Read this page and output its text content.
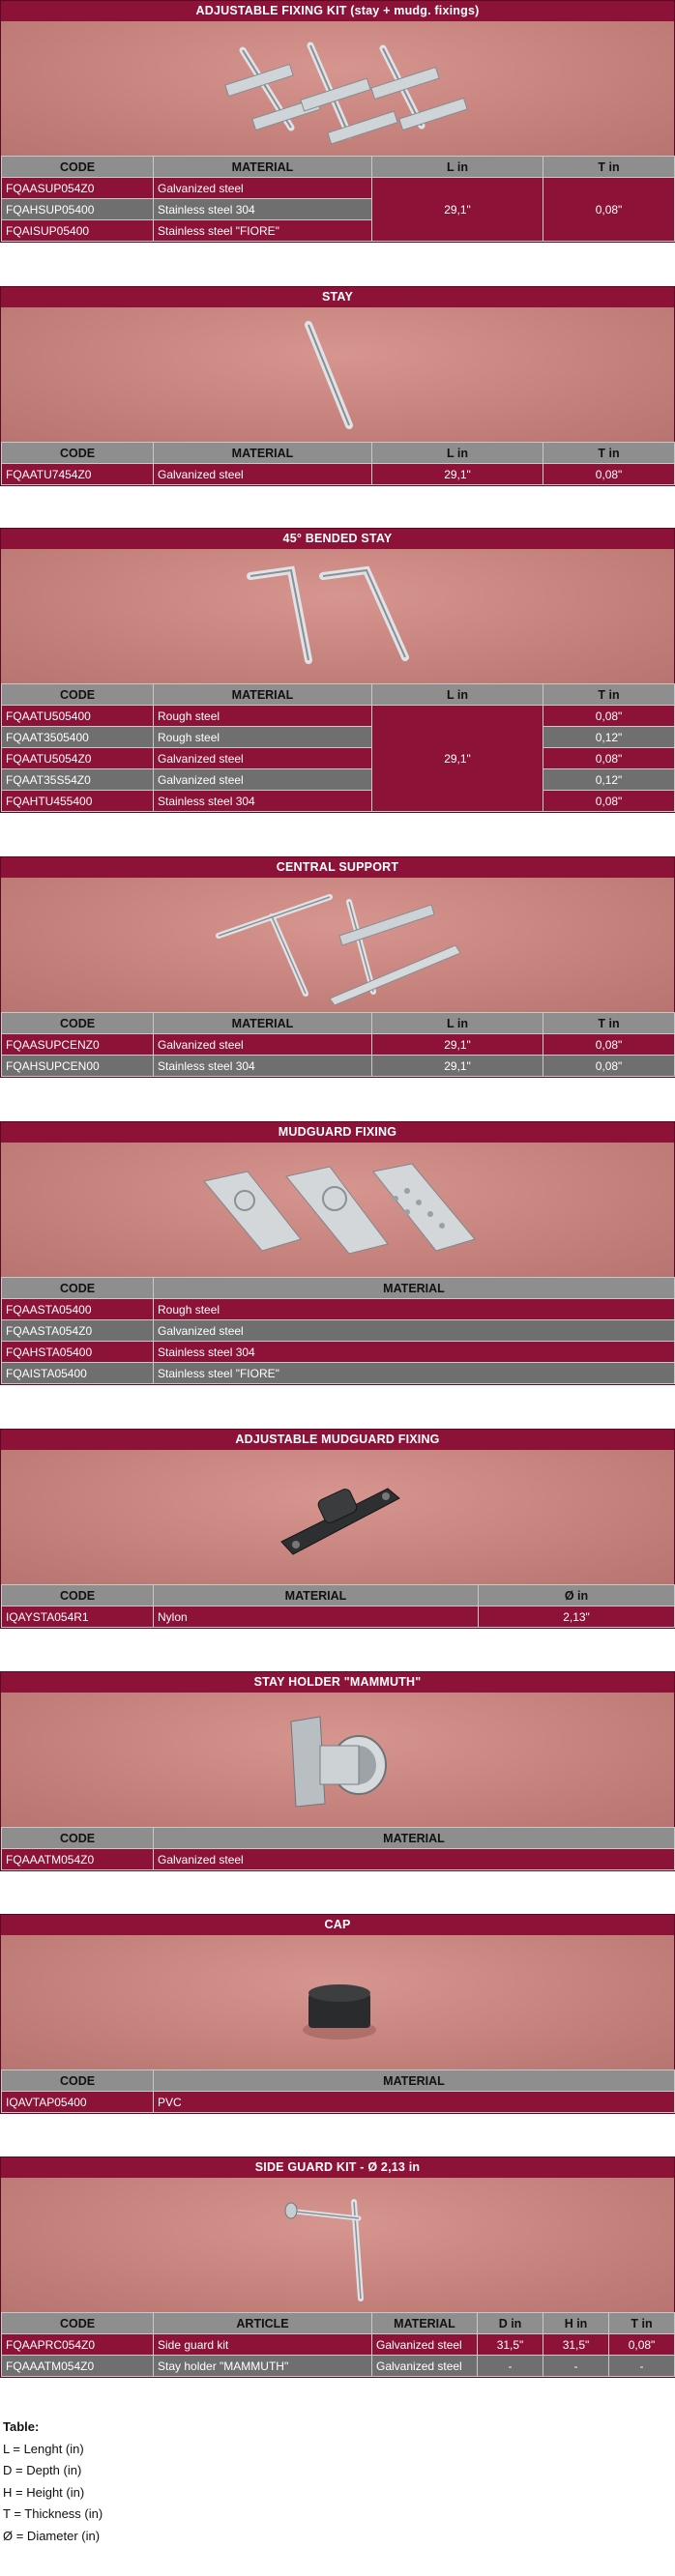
ADJUSTABLE FIXING KIT (stay + mudg. fixings)
CODE	MATERIAL	L in	T in
FQAASUP054Z0	Galvanized steel	29,1"	0,08"
FQAHSUP05400	Stainless steel 304		
FQAISUP05400	Stainless steel "FIORE"		
STAY
CODE	MATERIAL	L in	T in
FQAATU7454Z0	Galvanized steel	29,1"	0,08"
45° BENDED STAY
CODE	MATERIAL	L in	T in
FQAATU505400	Rough steel	29,1"	0,08"
FQAAT3505400	Rough steel		0,12"
FQAATU5054Z0	Galvanized steel		0,08"
FQAAT35S54Z0	Galvanized steel		0,12"
FQAHTU455400	Stainless steel 304		0,08"
CENTRAL SUPPORT
CODE	MATERIAL	L in	T in
FQAASUPCENZ0	Galvanized steel	29,1"	0,08"
FQAHSUPCEN00	Stainless steel 304	29,1"	0,08"
MUDGUARD FIXING
CODE	MATERIAL
FQAASTA05400	Rough steel
FQAASTA054Z0	Galvanized steel
FQAHSTA05400	Stainless steel 304
FQAISTA05400	Stainless steel "FIORE"
ADJUSTABLE MUDGUARD FIXING
CODE	MATERIAL	Ø in
IQAYSTA054R1	Nylon	2,13"
STAY HOLDER "MAMMUTH"
CODE	MATERIAL
FQAAATM054Z0	Galvanized steel
CAP
CODE	MATERIAL
IQAVTAP05400	PVC
SIDE GUARD KIT - Ø 2,13 in
CODE	ARTICLE	MATERIAL	D in	H in	T in
FQAAPRC054Z0	Side guard kit	Galvanized steel	31,5"	31,5"	0,08"
FQAAATM054Z0	Stay holder "MAMMUTH"	Galvanized steel	-	-	-
Table:
L = Lenght (in)
D = Depth (in)
H = Height (in)
T = Thickness (in)
Ø = Diameter (in)
